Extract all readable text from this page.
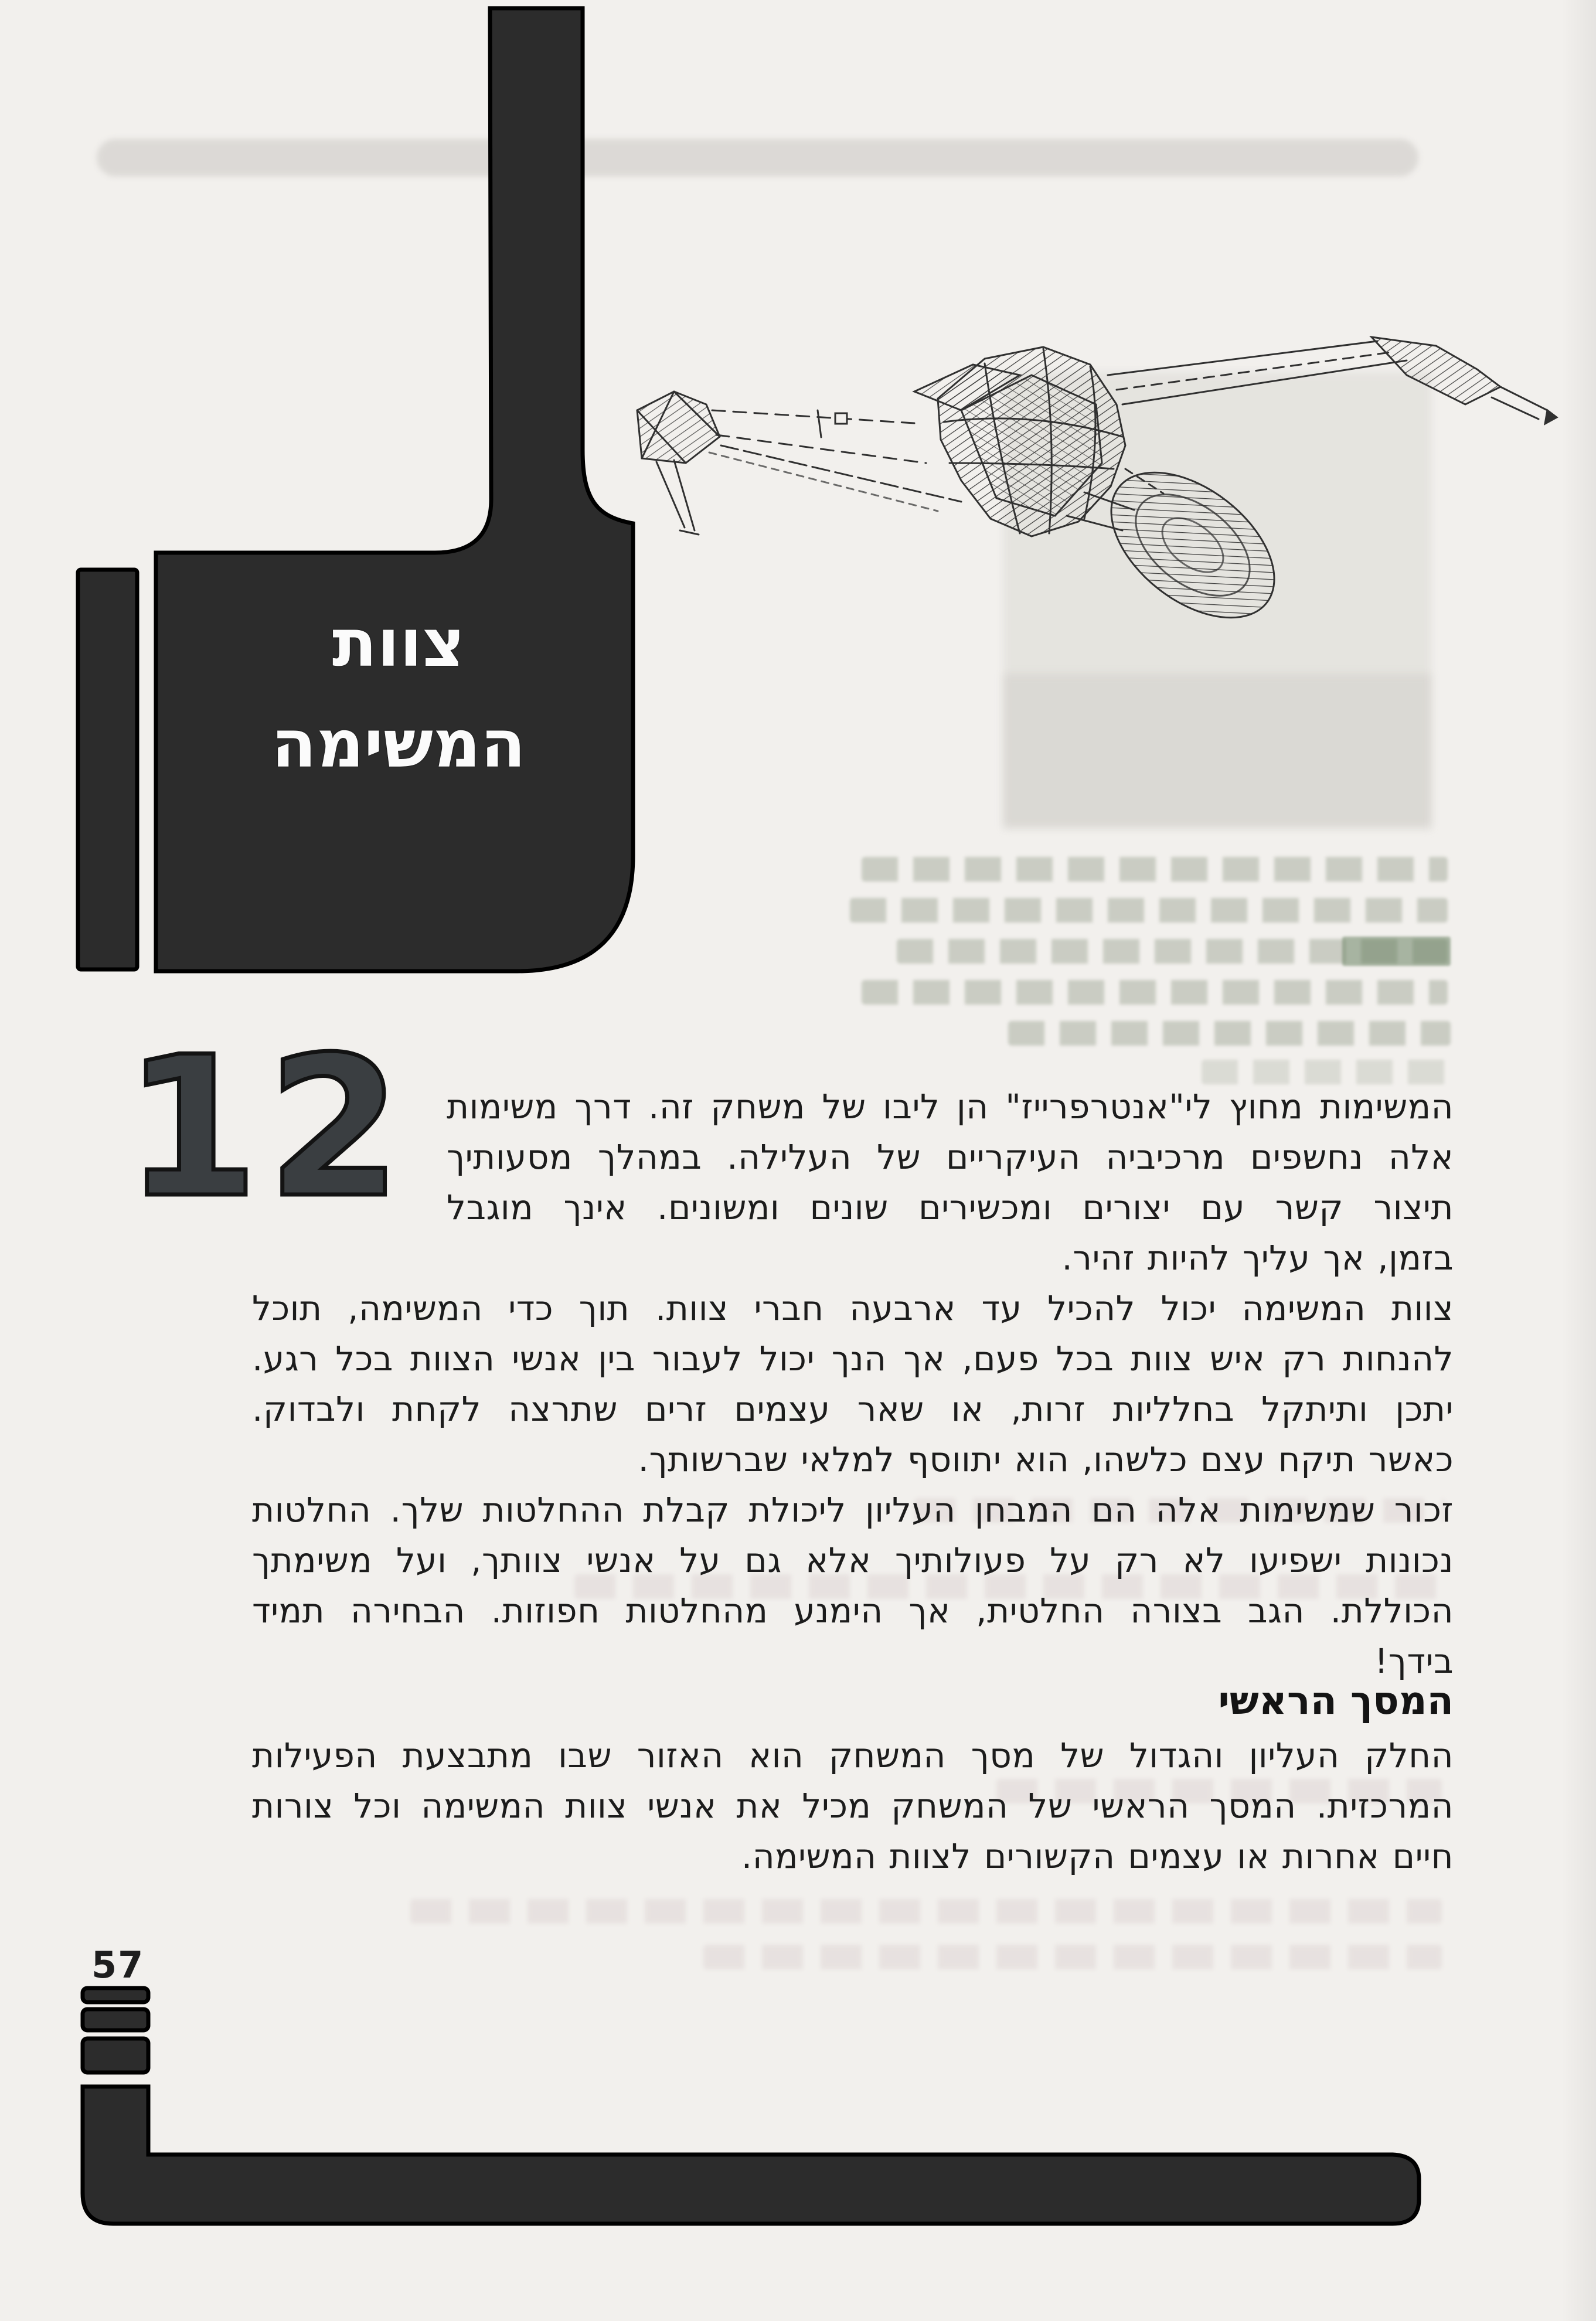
צוות
המשימה
12 המשימות מחוץ לי"אנטרפרייז" הן ליבו של משחק זה. דרך משימות
אלה נחשפים מרכיביה העיקריים של העלילה. במהלך מסעותיך
תיצור קשר עם יצורים ומכשירים שונים ומשונים. אינך מוגבל
בזמן, אך עליך להיות זהיר.
צוות המשימה יכול להכיל עד ארבעה חברי צוות. תוך כדי המשימה, תוכל
להנחות רק איש צוות בכל פעם, אך הנך יכול לעבור בין אנשי הצוות בכל רגע.
יתכן ותיתקל בחלליות זרות, או שאר עצמים זרים שתרצה לקחת ולבדוק.
כאשר תיקח עצם כלשהו, הוא יתווסף למלאי שברשותך.
זכור שמשימות אלה הם המבחן העליון ליכולת קבלת ההחלטות שלך. החלטות
נכונות ישפיעו לא רק על פעולותיך אלא גם על אנשי צוותך, ועל משימתך
הכוללת. הגב בצורה החלטית, אך הימנע מהחלטות חפוזות. הבחירה תמיד
בידך!
המסך הראשי
החלק העליון והגדול של מסך המשחק הוא האזור שבו מתבצעת הפעילות
המרכזית. המסך הראשי של המשחק מכיל את אנשי צוות המשימה וכל צורות
חיים אחרות או עצמים הקשורים לצוות המשימה.
57
